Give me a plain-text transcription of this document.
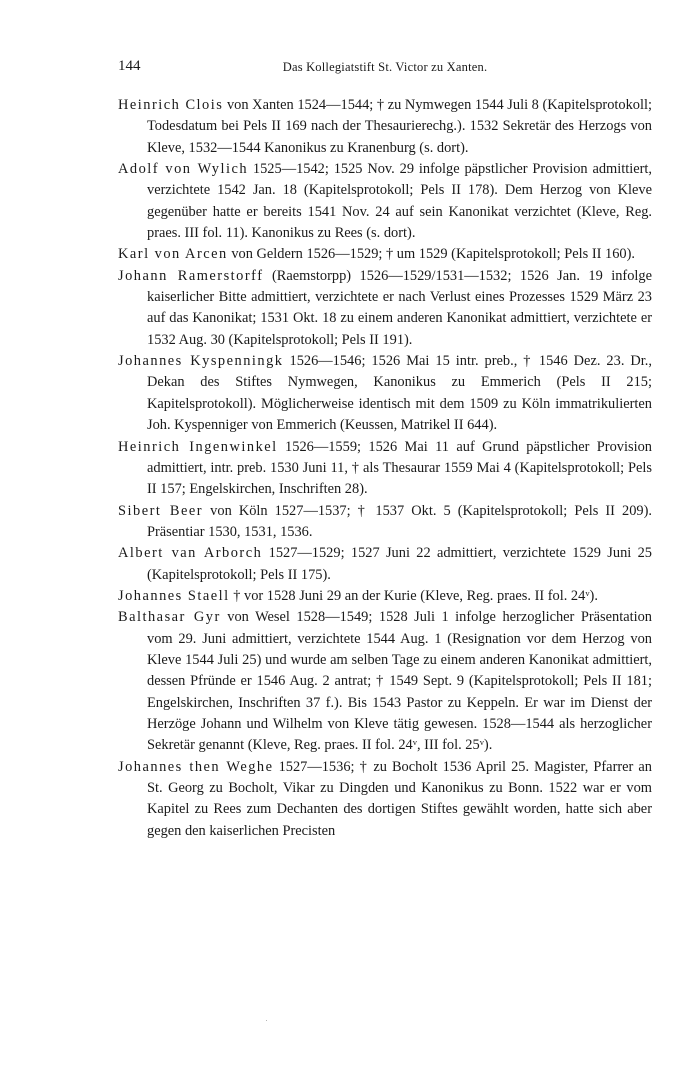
144	Das Kollegiatstift St. Victor zu Xanten.

Heinrich Clois von Xanten 1524—1544; † zu Nymwegen 1544 Juli 8 (Kapitelsprotokoll; Todesdatum bei Pels II 169 nach der Thesaurierechg.). 1532 Sekretär des Herzogs von Kleve, 1532—1544 Kanonikus zu Kranenburg (s. dort).

Adolf von Wylich 1525—1542; 1525 Nov. 29 infolge päpstlicher Provision admittiert, verzichtete 1542 Jan. 18 (Kapitelsprotokoll; Pels II 178). Dem Herzog von Kleve gegenüber hatte er bereits 1541 Nov. 24 auf sein Kanonikat verzichtet (Kleve, Reg. praes. III fol. 11). Kanonikus zu Rees (s. dort).

Karl von Arcen von Geldern 1526—1529; † um 1529 (Kapitelsprotokoll; Pels II 160).

Johann Ramerstorff (Raemstorpp) 1526—1529/1531—1532; 1526 Jan. 19 infolge kaiserlicher Bitte admittiert, verzichtete er nach Verlust eines Prozesses 1529 März 23 auf das Kanonikat; 1531 Okt. 18 zu einem anderen Kanonikat admittiert, verzichtete er 1532 Aug. 30 (Kapitelsprotokoll; Pels II 191).

Johannes Kyspenningk 1526—1546; 1526 Mai 15 intr. preb., † 1546 Dez. 23. Dr., Dekan des Stiftes Nymwegen, Kanonikus zu Emmerich (Pels II 215; Kapitelsprotokoll). Möglicherweise identisch mit dem 1509 zu Köln immatrikulierten Joh. Kyspenniger von Emmerich (Keussen, Matrikel II 644).

Heinrich Ingenwinkel 1526—1559; 1526 Mai 11 auf Grund päpstlicher Provision admittiert, intr. preb. 1530 Juni 11, † als Thesaurar 1559 Mai 4 (Kapitelsprotokoll; Pels II 157; Engelskirchen, Inschriften 28).

Sibert Beer von Köln 1527—1537; † 1537 Okt. 5 (Kapitelsprotokoll; Pels II 209). Präsentiar 1530, 1531, 1536.

Albert van Arborch 1527—1529; 1527 Juni 22 admittiert, verzichtete 1529 Juni 25 (Kapitelsprotokoll; Pels II 175).

Johannes Staell † vor 1528 Juni 29 an der Kurie (Kleve, Reg. praes. II fol. 24ᵛ).

Balthasar Gyr von Wesel 1528—1549; 1528 Juli 1 infolge herzoglicher Präsentation vom 29. Juni admittiert, verzichtete 1544 Aug. 1 (Resignation vor dem Herzog von Kleve 1544 Juli 25) und wurde am selben Tage zu einem anderen Kanonikat admittiert, dessen Pfründe er 1546 Aug. 2 antrat; † 1549 Sept. 9 (Kapitelsprotokoll; Pels II 181; Engelskirchen, Inschriften 37 f.). Bis 1543 Pastor zu Keppeln. Er war im Dienst der Herzöge Johann und Wilhelm von Kleve tätig gewesen. 1528—1544 als herzoglicher Sekretär genannt (Kleve, Reg. praes. II fol. 24ᵛ, III fol. 25ᵛ).

Johannes then Weghe 1527—1536; † zu Bocholt 1536 April 25. Magister, Pfarrer an St. Georg zu Bocholt, Vikar zu Dingden und Kanonikus zu Bonn. 1522 war er vom Kapitel zu Rees zum Dechanten des dortigen Stiftes gewählt worden, hatte sich aber gegen den kaiserlichen Precisten
